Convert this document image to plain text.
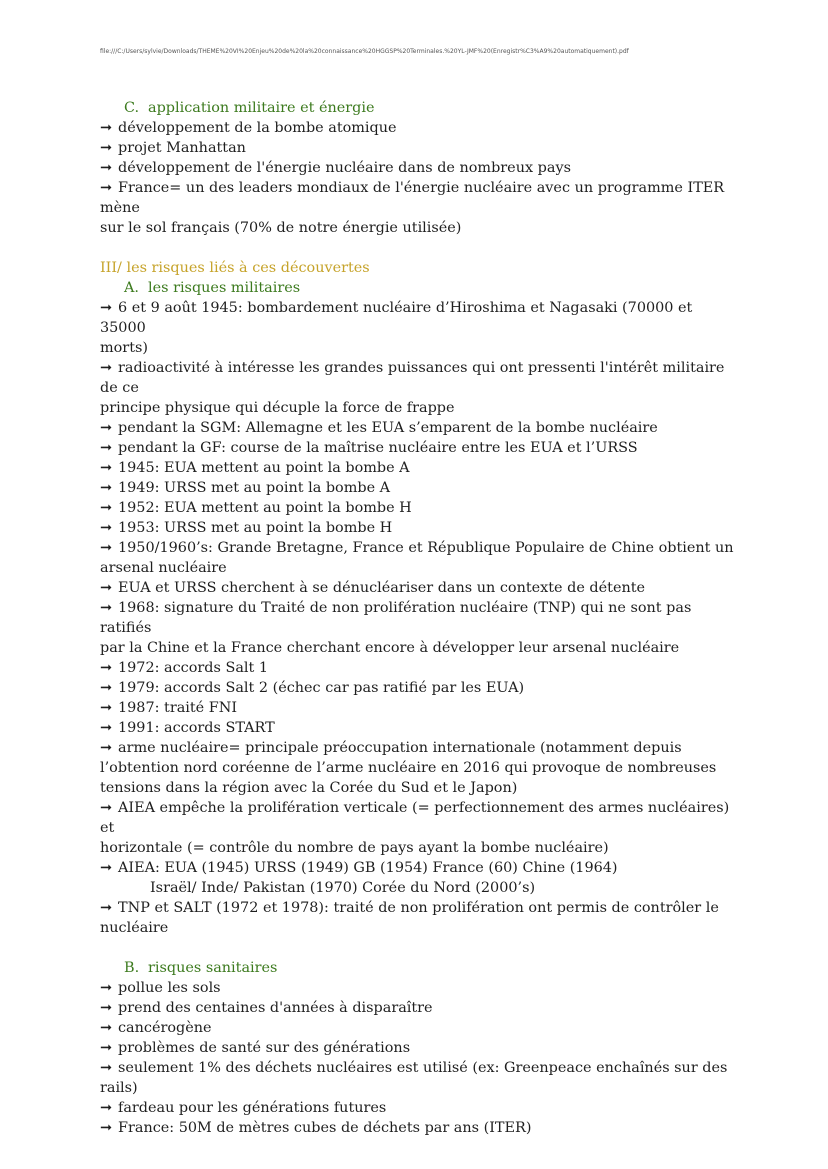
file:///C:/Users/sylvie/Downloads/THEME%20VI%20Enjeu%20de%20la%20connaissance%20HGGSP%20Terminales.%20YL-JMF%20(Enregistr%C3%A9%20automatiquement).pdf

C. application militaire et énergie

➞ développement de la bombe atomique

➞ projet Manhattan

➞ développement de l'énergie nucléaire dans de nombreux pays

➞ France= un des leaders mondiaux de l'énergie nucléaire avec un programme ITER mène

sur le sol français (70% de notre énergie utilisée)

III/ les risques liés à ces découvertes

A. les risques militaires

➞ 6 et 9 août 1945: bombardement nucléaire d’Hiroshima et Nagasaki (70000 et 35000

morts)

➞ radioactivité à intéresse les grandes puissances qui ont pressenti l'intérêt militaire de ce

principe physique qui décuple la force de frappe

➞ pendant la SGM: Allemagne et les EUA s’emparent de la bombe nucléaire

➞ pendant la GF: course de la maîtrise nucléaire entre les EUA et l’URSS

➞ 1945: EUA mettent au point la bombe A

➞ 1949: URSS met au point la bombe A

➞ 1952: EUA mettent au point la bombe H

➞ 1953: URSS met au point la bombe H

➞ 1950/1960’s: Grande Bretagne, France et République Populaire de Chine obtient un

arsenal nucléaire

➞ EUA et URSS cherchent à se dénucléariser dans un contexte de détente

➞ 1968: signature du Traité de non prolifération nucléaire (TNP) qui ne sont pas ratifiés

par la Chine et la France cherchant encore à développer leur arsenal nucléaire

➞ 1972: accords Salt 1

➞ 1979: accords Salt 2 (échec car pas ratifié par les EUA)

➞ 1987: traité FNI

➞ 1991: accords START

➞ arme nucléaire= principale préoccupation internationale (notamment depuis

l’obtention nord coréenne de l’arme nucléaire en 2016 qui provoque de nombreuses

tensions dans la région avec la Corée du Sud et le Japon)

➞ AIEA empêche la prolifération verticale (= perfectionnement des armes nucléaires) et

horizontale (= contrôle du nombre de pays ayant la bombe nucléaire)

➞ AIEA: EUA (1945) URSS (1949) GB (1954) France (60) Chine (1964)

Israël/ Inde/ Pakistan (1970) Corée du Nord (2000’s)

➞ TNP et SALT (1972 et 1978): traité de non prolifération ont permis de contrôler le

nucléaire

B. risques sanitaires

➞ pollue les sols

➞ prend des centaines d'années à disparaître

➞ cancérogène

➞ problèmes de santé sur des générations

➞ seulement 1% des déchets nucléaires est utilisé (ex: Greenpeace enchaînés sur des rails)

➞ fardeau pour les générations futures

➞ France: 50M de mètres cubes de déchets par ans (ITER)
